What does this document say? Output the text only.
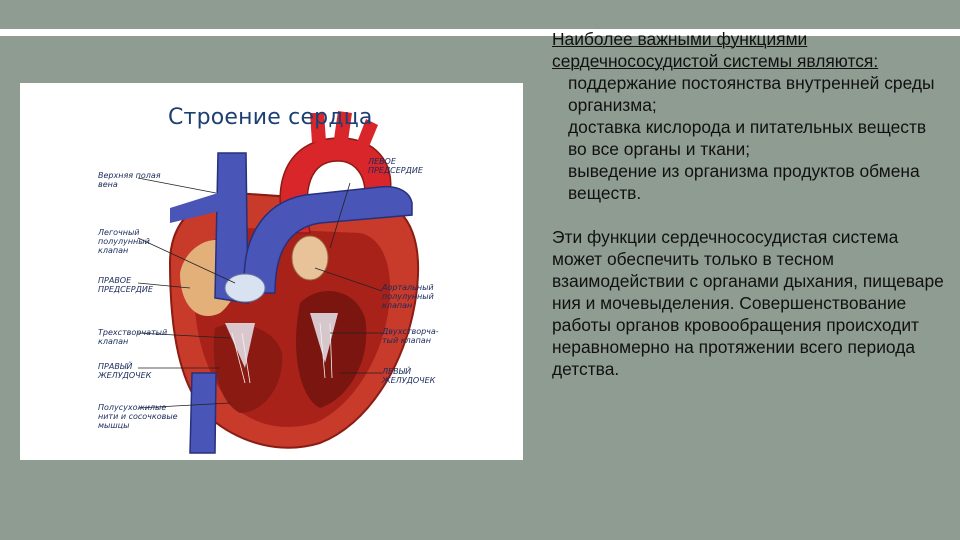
Строение сердца
Верхняя полая
вена
Легочный
полулунный
клапан
ПРАВОЕ
ПРЕДСЕРДИЕ
Трехстворчатый
клапан
ПРАВЫЙ
ЖЕЛУДОЧЕК
Полусухожилые
нити и сосочковые
мышцы
ЛЕВОЕ
ПРЕДСЕРДИЕ
Аортальный
полулунный
клапан
Двухстворча-
тый клапан
ЛЕВЫЙ
ЖЕЛУДОЧЕК

Наиболее важными функциями сердечнососудистой системы являются:

поддержание постоянства внутренней среды организма;

доставка кислорода и питательных веществ во все органы и ткани;

выведение из организма продуктов обмена веществ.

Эти функции сердечнососудистая система может обеспечить только в тесном взаимодействии с органами дыхания, пищеваре ния и мочевыделения. Совершенствование работы органов кровообращения происходит неравномерно на протяжении всего периода детства.
